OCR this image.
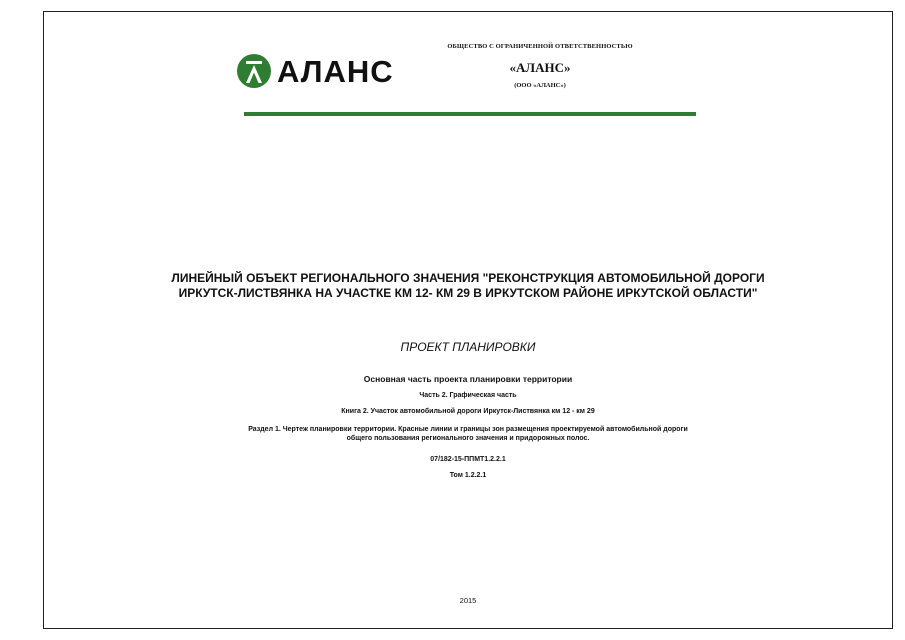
АЛАНС
ОБЩЕСТВО С ОГРАНИЧЕННОЙ ОТВЕТСТВЕННОСТЬЮ
«АЛАНС»
(ООО «АЛАНС»)
ЛИНЕЙНЫЙ ОБЪЕКТ РЕГИОНАЛЬНОГО ЗНАЧЕНИЯ "РЕКОНСТРУКЦИЯ АВТОМОБИЛЬНОЙ ДОРОГИ
ИРКУТСК-ЛИСТВЯНКА НА УЧАСТКЕ КМ 12- КМ 29 В ИРКУТСКОМ РАЙОНЕ ИРКУТСКОЙ ОБЛАСТИ"
ПРОЕКТ ПЛАНИРОВКИ
Основная часть проекта планировки территории
Часть 2. Графическая часть
Книга 2. Участок автомобильной дороги Иркутск-Листвянка км 12 - км 29
Раздел 1. Чертеж планировки территории. Красные линии и границы зон размещения проектируемой автомобильной дороги
общего пользования регионального значения и придорожных полос.
07/182-15-ППМТ1.2.2.1
Том 1.2.2.1
2015
